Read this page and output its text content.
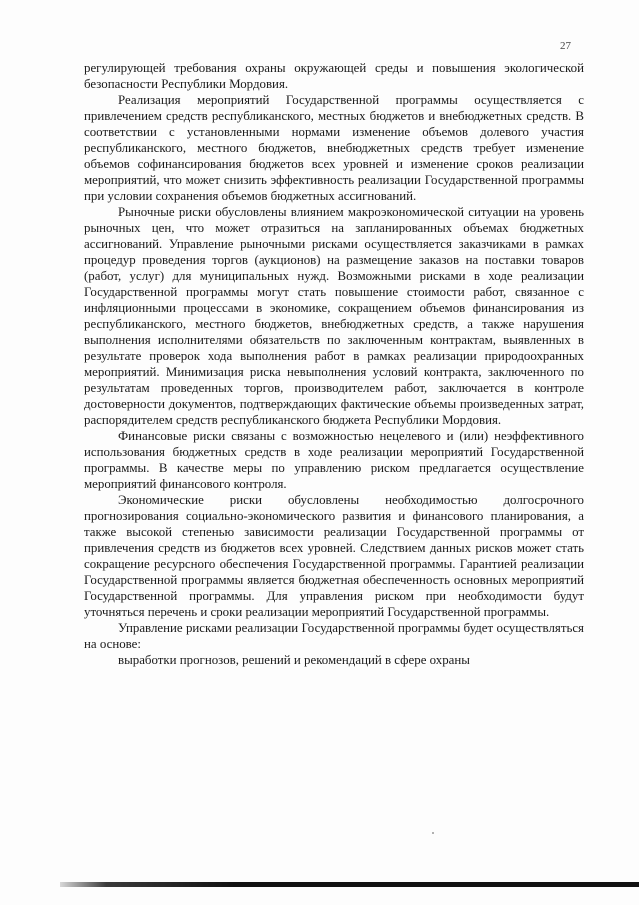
27

регулирующей требования охраны окружающей среды и повышения экологической безопасности Республики Мордовия.

Реализация мероприятий Государственной программы осуществляется с привлечением средств республиканского, местных бюджетов и внебюджетных средств. В соответствии с установленными нормами изменение объемов долевого участия республиканского, местного бюджетов, внебюджетных средств требует изменение объемов софинансирования бюджетов всех уровней и изменение сроков реализации мероприятий, что может снизить эффективность реализации Государственной программы при условии сохранения объемов бюджетных ассигнований.

Рыночные риски обусловлены влиянием макроэкономической ситуации на уровень рыночных цен, что может отразиться на запланированных объемах бюджетных ассигнований. Управление рыночными рисками осуществляется заказчиками в рамках процедур проведения торгов (аукционов) на размещение заказов на поставки товаров (работ, услуг) для муниципальных нужд. Возможными рисками в ходе реализации Государственной программы могут стать повышение стоимости работ, связанное с инфляционными процессами в экономике, сокращением объемов финансирования из республиканского, местного бюджетов, внебюджетных средств, а также нарушения выполнения исполнителями обязательств по заключенным контрактам, выявленных в результате проверок хода выполнения работ в рамках реализации природоохранных мероприятий. Минимизация риска невыполнения условий контракта, заключенного по результатам проведенных торгов, производителем работ, заключается в контроле достоверности документов, подтверждающих фактические объемы произведенных затрат, распорядителем средств республиканского бюджета Республики Мордовия.

Финансовые риски связаны с возможностью нецелевого и (или) неэффективного использования бюджетных средств в ходе реализации мероприятий Государственной программы. В качестве меры по управлению риском предлагается осуществление мероприятий финансового контроля.

Экономические риски обусловлены необходимостью долгосрочного прогнозирования социально-экономического развития и финансового планирования, а также высокой степенью зависимости реализации Государственной программы от привлечения средств из бюджетов всех уровней. Следствием данных рисков может стать сокращение ресурсного обеспечения Государственной программы. Гарантией реализации Государственной программы является бюджетная обеспеченность основных мероприятий Государственной программы. Для управления риском при необходимости будут уточняться перечень и сроки реализации мероприятий Государственной программы.

Управление рисками реализации Государственной программы будет осуществляться на основе:

выработки прогнозов, решений и рекомендаций в сфере охраны
